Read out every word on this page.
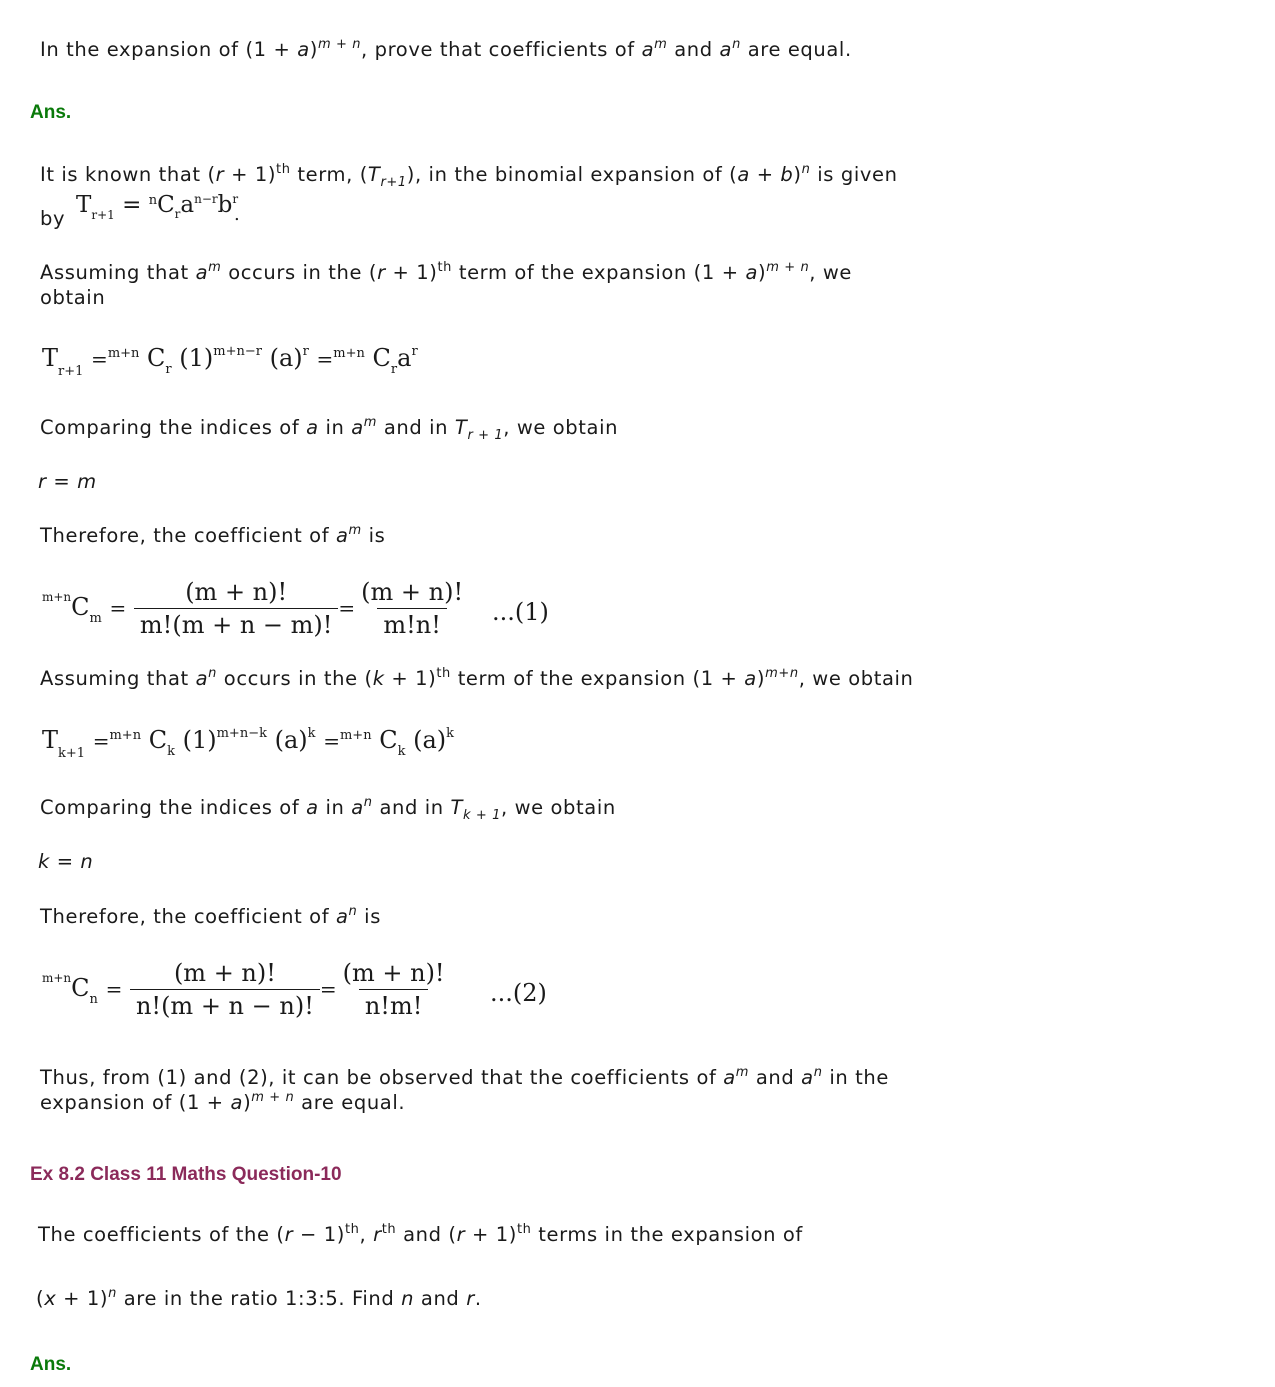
In the expansion of $(1 + a)^{m + n}$, prove that coefficients of $a^m$ and $a^n$ are equal.
Ans.
It is known that $(r + 1)^{th}$ term, $(T_{r+1})$, in the binomial expansion of $(a + b)^n$ is given
by
$T_{r+1} = ^nC_ra^{n-r}b^r$
.
Assuming that $a^m$ occurs in the $(r + 1)^{th}$ term of the expansion $(1 + a)^{m + n}$, we
obtain
$T_{r+1} =^{m+n}$ $C_r$ $(1)^{m+n-r}$ $(a)^r =^{m+n}$ $C_ra^r$
Comparing the indices of a in $a^m$ and in $T_{r + 1}$, we obtain
r = m
Therefore, the coefficient of $a^m$ is
$^{m+n}C_m = \frac{(m + n)!}{m!(m + n - m)!} = \frac{(m + n)!}{m!n!} ...(1)$
Assuming that $a^n$ occurs in the $(k + 1)^{th}$ term of the expansion $(1 + a)^{m+n}$, we obtain
$T_{k+1} =^{m+n}$ $C_k$ $(1)^{m+n-k}$ $(a)^k =^{m+n}$ $C_k$ $(a)^k$
Comparing the indices of a in $a^n$ and in $T_{k + 1}$, we obtain
k = n
Therefore, the coefficient of $a^n$ is
$^{m+n}C_n = \frac{(m + n)!}{n!(m + n - n)!} = \frac{(m + n)!}{n!m!} ...(2)$
Thus, from (1) and (2), it can be observed that the coefficients of $a^m$ and $a^n$ in the
expansion of $(1 + a)^{m + n}$ are equal.
Ex 8.2 Class 11 Maths Question-10
The coefficients of the $(r - 1)^{th}$, $r^{th}$ and $(r + 1)^{th}$ terms in the expansion of
$(x + 1)^n$ are in the ratio 1:3:5. Find n and r.
Ans.
